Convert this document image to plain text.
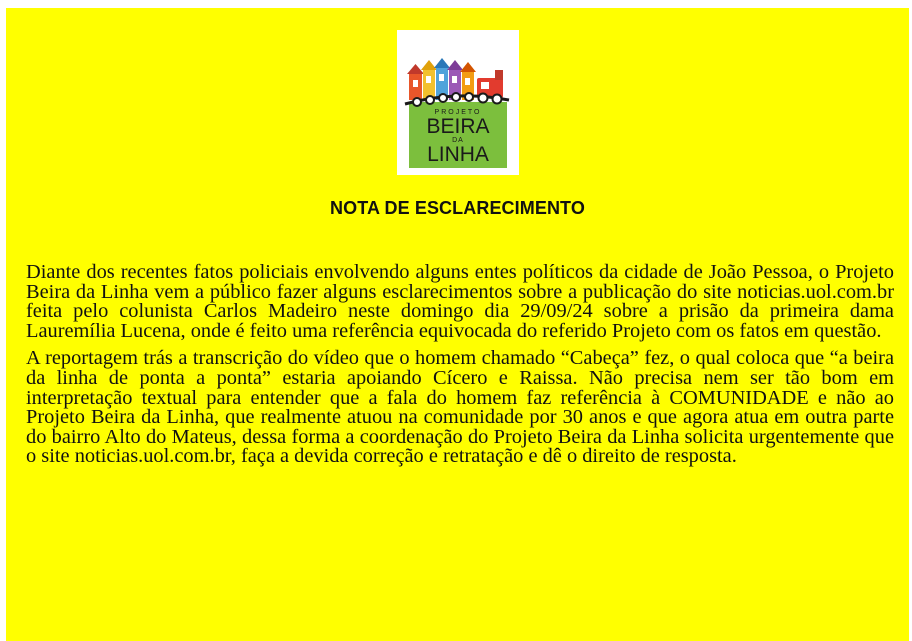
PROJETO
BEIRA
DA
LINHA
NOTA DE ESCLARECIMENTO

Diante dos recentes fatos policiais envolvendo alguns entes políticos da cidade de João Pessoa, o Projeto Beira da Linha vem a público fazer alguns esclarecimentos sobre a publicação do site noticias.uol.com.br feita pelo colunista Carlos Madeiro neste domingo dia 29/09/24 sobre a prisão da primeira dama Lauremília Lucena, onde é feito uma referência equivocada do referido Projeto com os fatos em questão.

A reportagem trás a transcrição do vídeo que o homem chamado “Cabeça” fez, o qual coloca que “a beira da linha de ponta a ponta” estaria apoiando Cícero e Raissa. Não precisa nem ser tão bom em interpretação textual para entender que a fala do homem faz referência à COMUNIDADE e não ao Projeto Beira da Linha, que realmente atuou na comunidade por 30 anos e que agora atua em outra parte do bairro Alto do Mateus, dessa forma a coordenação do Projeto Beira da Linha solicita urgentemente que o site noticias.uol.com.br, faça a devida correção e retratação e dê o direito de resposta.
